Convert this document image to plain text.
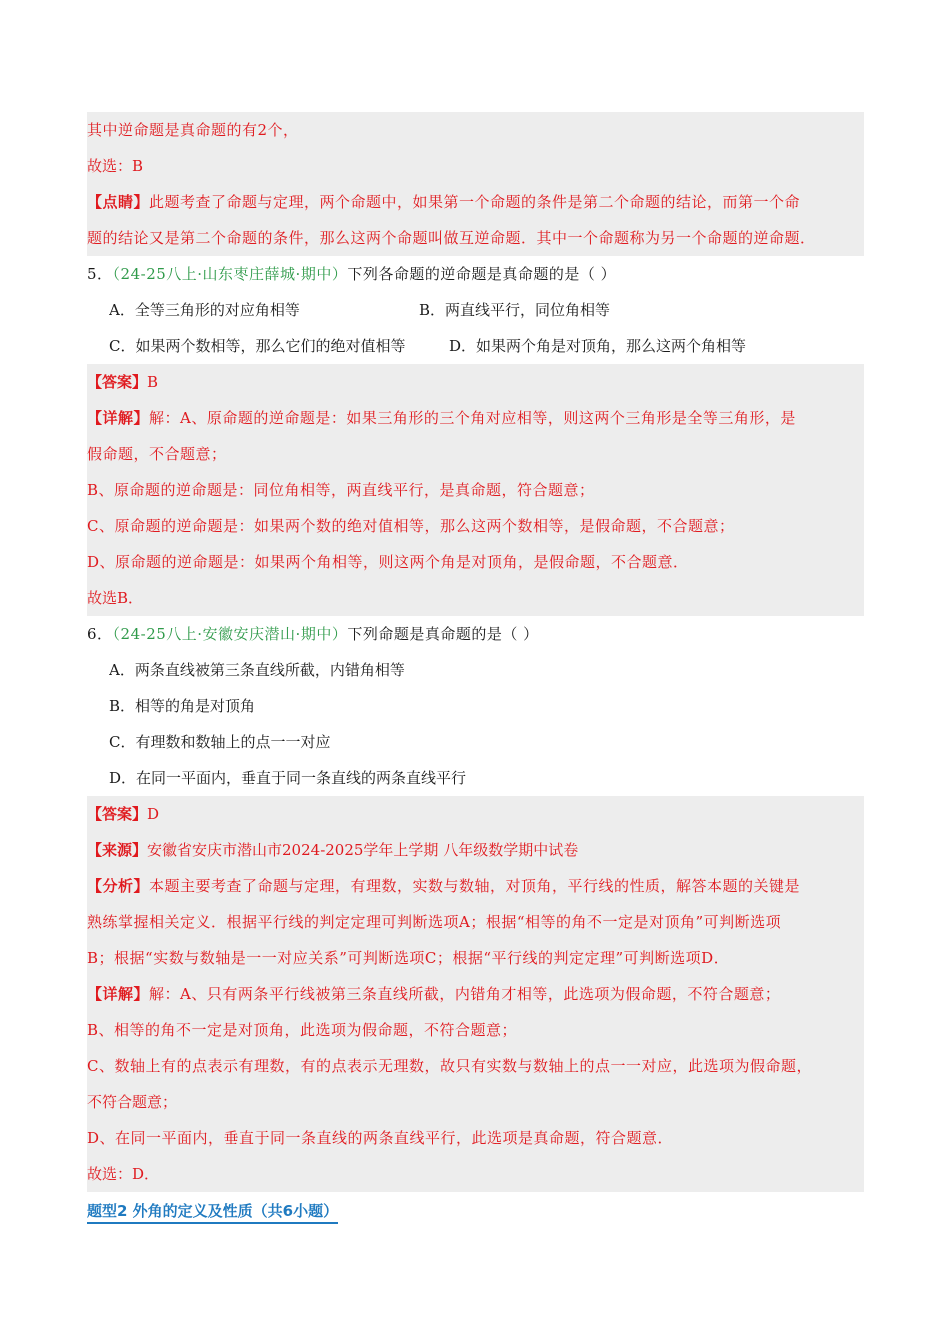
其中逆命题是真命题的有2个，
故选：B
【点睛】此题考查了命题与定理，两个命题中，如果第一个命题的条件是第二个命题的结论，而第一个命
题的结论又是第二个命题的条件，那么这两个命题叫做互逆命题．其中一个命题称为另一个命题的逆命题．
5．（24-25八上·山东枣庄薛城·期中）下列各命题的逆命题是真命题的是（ ）
A．全等三角形的对应角相等	B．两直线平行，同位角相等
C．如果两个数相等，那么它们的绝对值相等	D．如果两个角是对顶角，那么这两个角相等
【答案】B
【详解】解：A、原命题的逆命题是：如果三角形的三个角对应相等，则这两个三角形是全等三角形，是
假命题，不合题意；
B、原命题的逆命题是：同位角相等，两直线平行，是真命题，符合题意；
C、原命题的逆命题是：如果两个数的绝对值相等，那么这两个数相等，是假命题，不合题意；
D、原命题的逆命题是：如果两个角相等，则这两个角是对顶角，是假命题，不合题意．
故选B．
6．（24-25八上·安徽安庆潜山·期中）下列命题是真命题的是（ ）
A．两条直线被第三条直线所截，内错角相等
B．相等的角是对顶角
C．有理数和数轴上的点一一对应
D．在同一平面内，垂直于同一条直线的两条直线平行
【答案】D
【来源】安徽省安庆市潜山市2024-2025学年上学期 八年级数学期中试卷
【分析】本题主要考查了命题与定理，有理数，实数与数轴，对顶角，平行线的性质，解答本题的关键是
熟练掌握相关定义．根据平行线的判定定理可判断选项A；根据“相等的角不一定是对顶角”可判断选项
B；根据“实数与数轴是一一对应关系”可判断选项C；根据“平行线的判定定理”可判断选项D．
【详解】解：A、只有两条平行线被第三条直线所截，内错角才相等，此选项为假命题，不符合题意；
B、相等的角不一定是对顶角，此选项为假命题，不符合题意；
C、数轴上有的点表示有理数，有的点表示无理数，故只有实数与数轴上的点一一对应，此选项为假命题，
不符合题意；
D、在同一平面内，垂直于同一条直线的两条直线平行，此选项是真命题，符合题意．
故选：D．
题型2 外角的定义及性质（共6小题）
